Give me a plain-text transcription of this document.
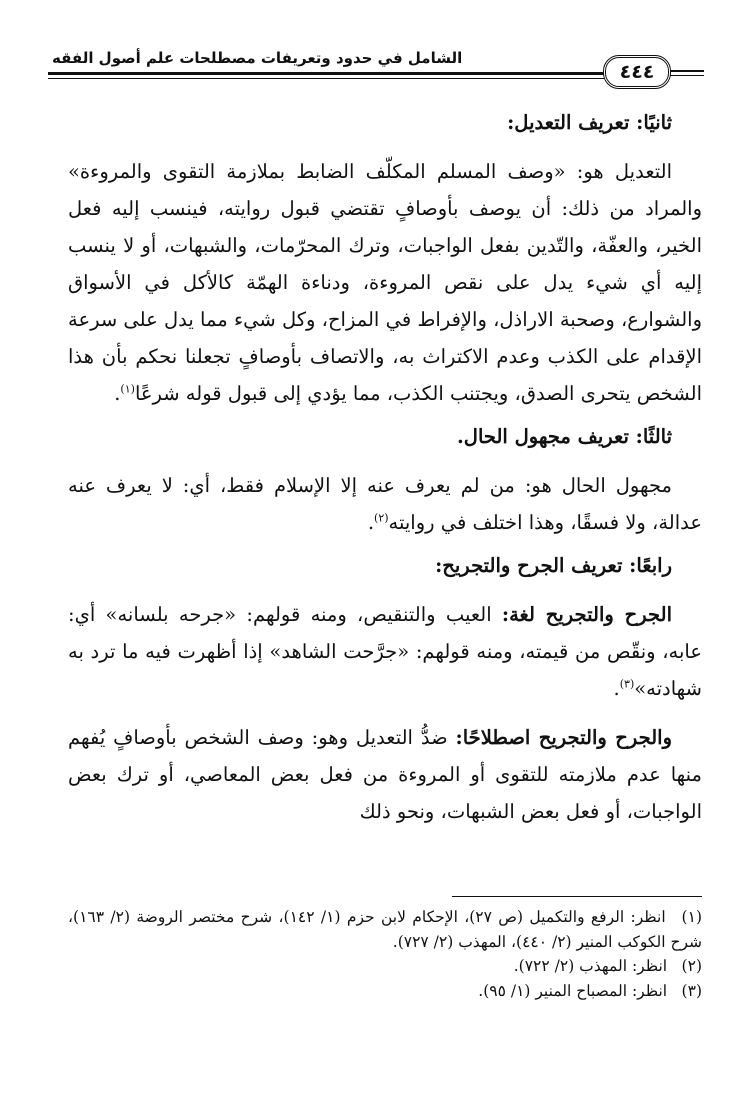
الشامل في حدود وتعريفات مصطلحات علم أصول الفقه
٤٤٤

ثانيًا: تعريف التعديل:

التعديل هو: «وصف المسلم المكلّف الضابط بملازمة التقوى والمروءة» والمراد من ذلك: أن يوصف بأوصافٍ تقتضي قبول روايته، فينسب إليه فعل الخير، والعفّة، والتّدين بفعل الواجبات، وترك المحرّمات، والشبهات، أو لا ينسب إليه أي شيء يدل على نقص المروءة، ودناءة الهمّة كالأكل في الأسواق والشوارع، وصحبة الاراذل، والإفراط في المزاح، وكل شيء مما يدل على سرعة الإقدام على الكذب وعدم الاكتراث به، والاتصاف بأوصافٍ تجعلنا نحكم بأن هذا الشخص يتحرى الصدق، ويجتنب الكذب، مما يؤدي إلى قبول قوله شرعًا$^{(١)}$.

ثالثًا: تعريف مجهول الحال.

مجهول الحال هو: من لم يعرف عنه إلا الإسلام فقط، أي: لا يعرف عنه عدالة، ولا فسقًا، وهذا اختلف في روايته$^{(٢)}$.

رابعًا: تعريف الجرح والتجريح:

الجرح والتجريح لغة: العيب والتنقيص، ومنه قولهم: «جرحه بلسانه» أي: عابه، ونقّص من قيمته، ومنه قولهم: «جرَّحت الشاهد» إذا أظهرت فيه ما ترد به شهادته»$^{(٣)}$.

والجرح والتجريح اصطلاحًا: ضدُّ التعديل وهو: وصف الشخص بأوصافٍ يُفهم منها عدم ملازمته للتقوى أو المروءة من فعل بعض المعاصي، أو ترك بعض الواجبات، أو فعل بعض الشبهات، ونحو ذلك

(١) انظر: الرفع والتكميل (ص ٢٧)، الإحكام لابن حزم (١/ ١٤٢)، شرح مختصر الروضة (٢/ ١٦٣)، شرح الكوكب المنير (٢/ ٤٤٠)، المهذب (٢/ ٧٢٧).

(٢) انظر: المهذب (٢/ ٧٢٢).

(٣) انظر: المصباح المنير (١/ ٩٥).
